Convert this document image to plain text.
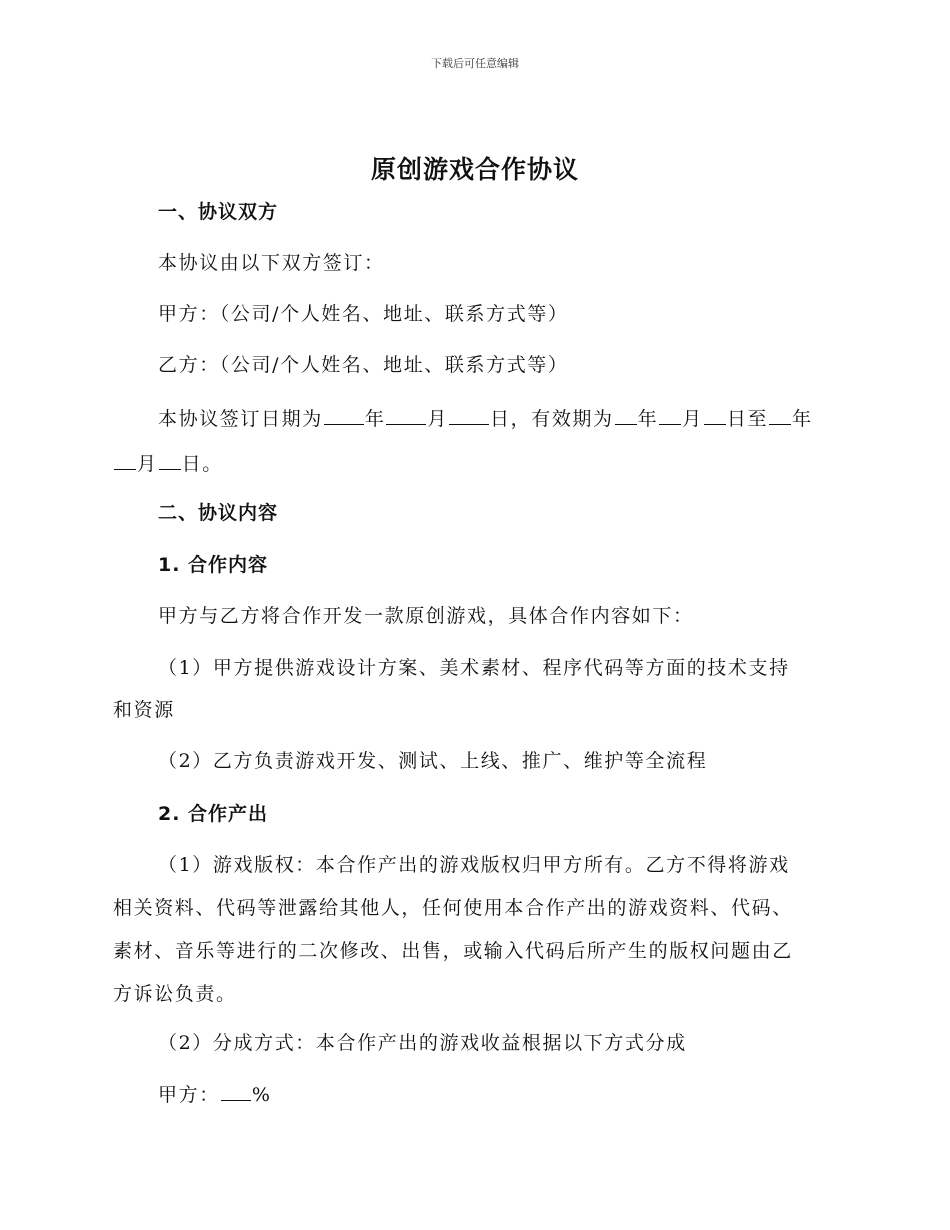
下载后可任意编辑
原创游戏合作协议
一、协议双方
本协议由以下双方签订：
甲方：（公司/个人姓名、地址、联系方式等）
乙方：（公司/个人姓名、地址、联系方式等）
本协议签订日期为 年 月 日，有效期为 年 月 日至 年
月 日。
二、协议内容
1. 合作内容
甲方与乙方将合作开发一款原创游戏，具体合作内容如下：
（1）甲方提供游戏设计方案、美术素材、程序代码等方面的技术支持
和资源
（2）乙方负责游戏开发、测试、上线、推广、维护等全流程
2. 合作产出
（1）游戏版权：本合作产出的游戏版权归甲方所有。乙方不得将游戏
相关资料、代码等泄露给其他人，任何使用本合作产出的游戏资料、代码、
素材、音乐等进行的二次修改、出售，或输入代码后所产生的版权问题由乙
方诉讼负责。
（2）分成方式：本合作产出的游戏收益根据以下方式分成
甲方： %
